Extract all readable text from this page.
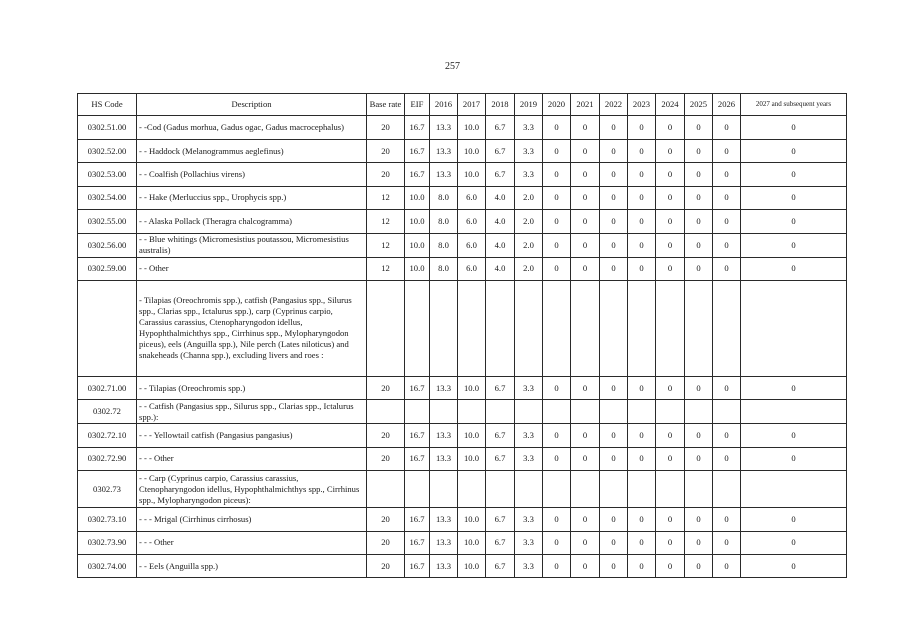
257
HS Code	Description	Base rate	EIF	2016	2017	2018	2019	2020	2021	2022	2023	2024	2025	2026	2027 and subsequent years
0302.51.00	- -Cod (Gadus morhua, Gadus ogac, Gadus macrocephalus)	20	16.7	13.3	10.0	6.7	3.3	0	0	0	0	0	0	0	0
0302.52.00	- - Haddock (Melanogrammus aeglefinus)	20	16.7	13.3	10.0	6.7	3.3	0	0	0	0	0	0	0	0
0302.53.00	- - Coalfish (Pollachius virens)	20	16.7	13.3	10.0	6.7	3.3	0	0	0	0	0	0	0	0
0302.54.00	- - Hake (Merluccius spp., Urophycis spp.)	12	10.0	8.0	6.0	4.0	2.0	0	0	0	0	0	0	0	0
0302.55.00	- - Alaska Pollack (Theragra chalcogramma)	12	10.0	8.0	6.0	4.0	2.0	0	0	0	0	0	0	0	0
0302.56.00	- - Blue whitings (Micromesistius poutassou, Micromesistius australis)	12	10.0	8.0	6.0	4.0	2.0	0	0	0	0	0	0	0	0
0302.59.00	- - Other	12	10.0	8.0	6.0	4.0	2.0	0	0	0	0	0	0	0	0
	- Tilapias (Oreochromis spp.), catfish (Pangasius spp., Silurus spp., Clarias spp., Ictalurus spp.), carp (Cyprinus carpio, Carassius carassius, Ctenopharyngodon idellus, Hypophthalmichthys spp., Cirrhinus spp., Mylopharyngodon piceus), eels (Anguilla spp.), Nile perch (Lates niloticus) and snakeheads (Channa spp.), excluding livers and roes :														
0302.71.00	- - Tilapias (Oreochromis spp.)	20	16.7	13.3	10.0	6.7	3.3	0	0	0	0	0	0	0	0
0302.72	- - Catfish (Pangasius spp., Silurus spp., Clarias spp., Ictalurus spp.):														
0302.72.10	- - - Yellowtail catfish (Pangasius pangasius)	20	16.7	13.3	10.0	6.7	3.3	0	0	0	0	0	0	0	0
0302.72.90	- - - Other	20	16.7	13.3	10.0	6.7	3.3	0	0	0	0	0	0	0	0
0302.73	- - Carp (Cyprinus carpio, Carassius carassius, Ctenopharyngodon idellus, Hypophthalmichthys spp., Cirrhinus spp., Mylopharyngodon piceus):														
0302.73.10	- - - Mrigal (Cirrhinus cirrhosus)	20	16.7	13.3	10.0	6.7	3.3	0	0	0	0	0	0	0	0
0302.73.90	- - - Other	20	16.7	13.3	10.0	6.7	3.3	0	0	0	0	0	0	0	0
0302.74.00	- - Eels (Anguilla spp.)	20	16.7	13.3	10.0	6.7	3.3	0	0	0	0	0	0	0	0
